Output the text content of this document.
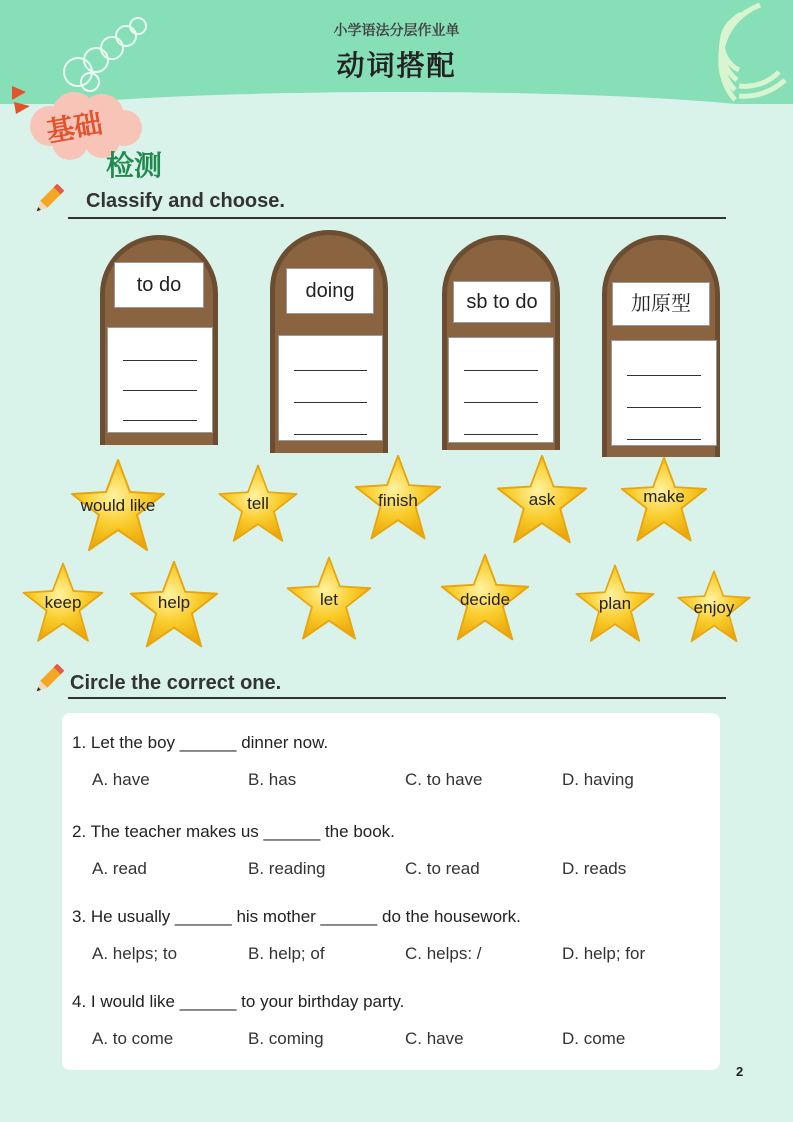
小学语法分层作业单
动词搭配
基础
检测
Classify and choose.
to do	doing	sb to do	加原型
would like	tell	finish	ask	make
keep	help	let	decide	plan	enjoy
Circle the correct one.
1. Let the boy ______ dinner now.
A. have	B. has	C. to have	D. having
2. The teacher makes us ______ the book.
A. read	B. reading	C. to read	D. reads
3. He usually ______ his mother ______ do the housework.
A. helps; to	B. help; of	C. helps: /	D. help; for
4. I would like ______ to your birthday party.
A. to come	B. coming	C. have	D. come
2
